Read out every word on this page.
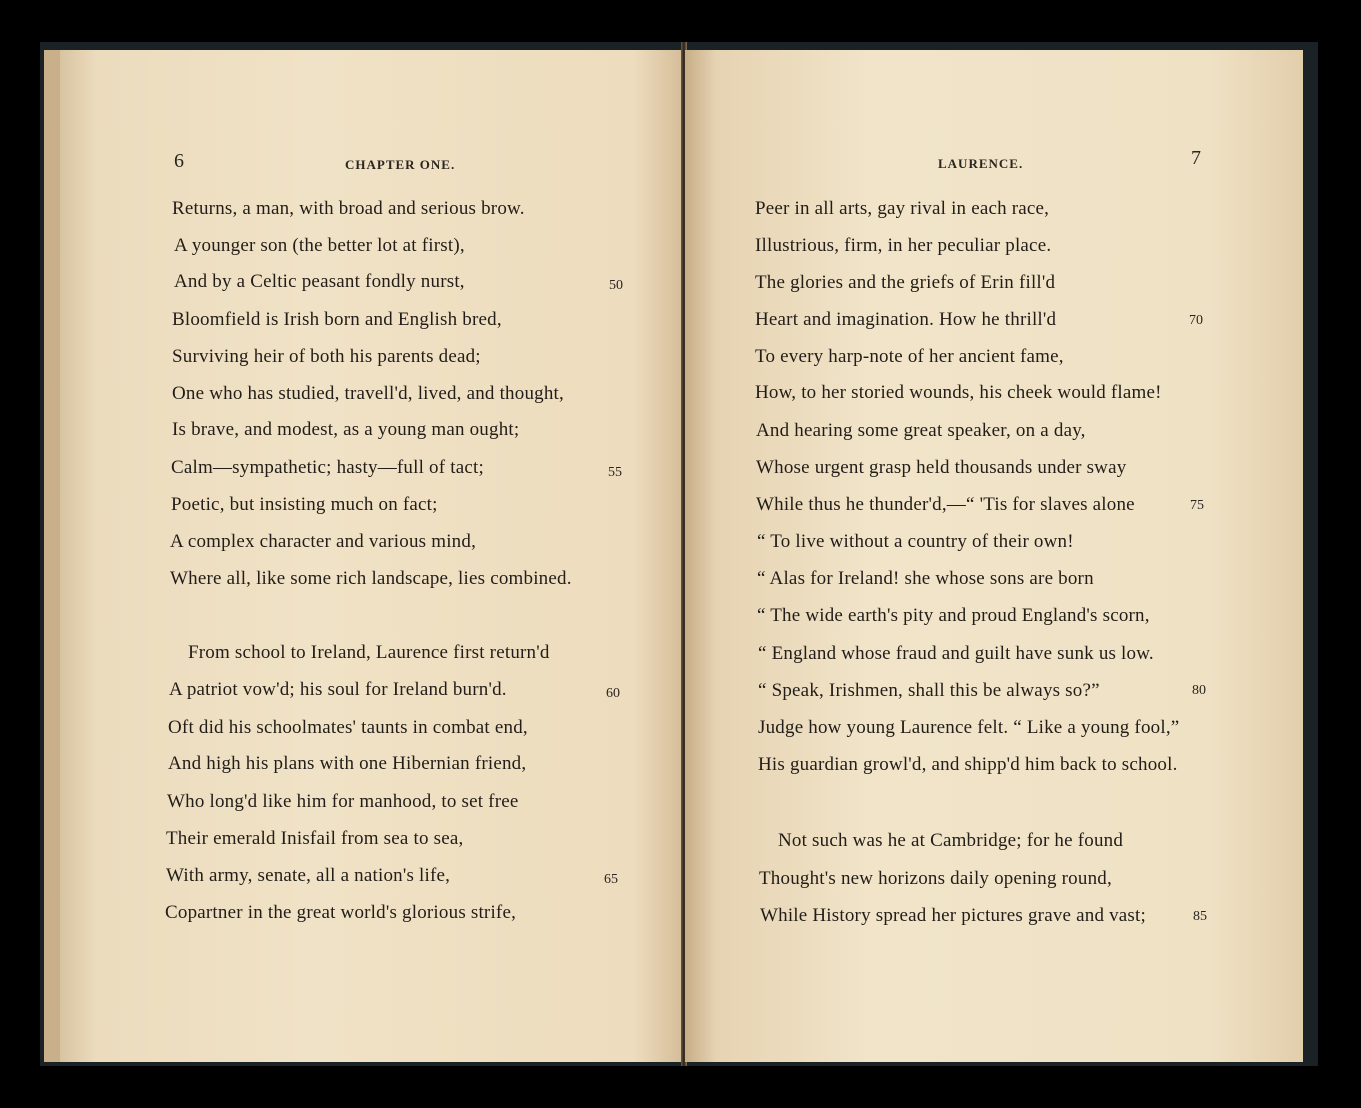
6	CHAPTER ONE.
Returns, a man, with broad and serious brow.
A younger son (the better lot at first),
And by a Celtic peasant fondly nurst,	50
Bloomfield is Irish born and English bred,
Surviving heir of both his parents dead;
One who has studied, travell'd, lived, and thought,
Is brave, and modest, as a young man ought;
Calm—sympathetic; hasty—full of tact;	55
Poetic, but insisting much on fact;
A complex character and various mind,
Where all, like some rich landscape, lies combined.
From school to Ireland, Laurence first return'd
A patriot vow'd; his soul for Ireland burn'd.	60
Oft did his schoolmates' taunts in combat end,
And high his plans with one Hibernian friend,
Who long'd like him for manhood, to set free
Their emerald Inisfail from sea to sea,
With army, senate, all a nation's life,	65
Copartner in the great world's glorious strife,
LAURENCE.	7
Peer in all arts, gay rival in each race,
Illustrious, firm, in her peculiar place.
The glories and the griefs of Erin fill'd
Heart and imagination. How he thrill'd	70
To every harp-note of her ancient fame,
How, to her storied wounds, his cheek would flame!
And hearing some great speaker, on a day,
Whose urgent grasp held thousands under sway
While thus he thunder'd,—“ 'Tis for slaves alone	75
“ To live without a country of their own!
“ Alas for Ireland! she whose sons are born
“ The wide earth's pity and proud England's scorn,
“ England whose fraud and guilt have sunk us low.
“ Speak, Irishmen, shall this be always so?”	80
Judge how young Laurence felt. “ Like a young fool,”
His guardian growl'd, and shipp'd him back to school.
Not such was he at Cambridge; for he found
Thought's new horizons daily opening round,
While History spread her pictures grave and vast;	85
